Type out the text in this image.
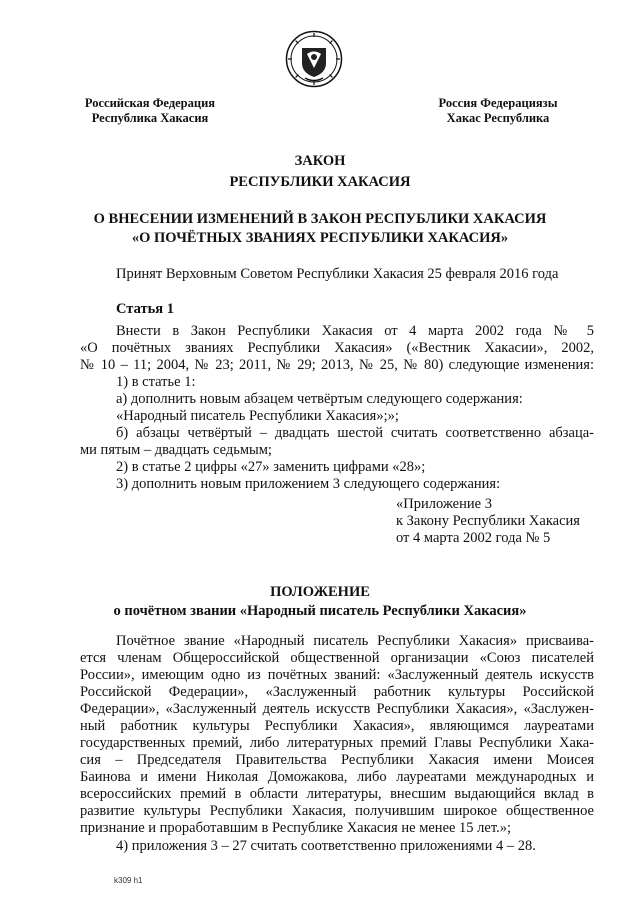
Российская Федерация
Республика Хакасия
Россия Федерациязы
Хакас Республика
ЗАКОН
РЕСПУБЛИКИ ХАКАСИЯ
О ВНЕСЕНИИ ИЗМЕНЕНИЙ В ЗАКОН РЕСПУБЛИКИ ХАКАСИЯ
«О ПОЧЁТНЫХ ЗВАНИЯХ РЕСПУБЛИКИ ХАКАСИЯ»
Принят Верховным Советом Республики Хакасия 25 февраля 2016 года
Статья 1
Внести в Закон Республики Хакасия от 4 марта 2002 года № 5
«О почётных званиях Республики Хакасия» («Вестник Хакасии», 2002,
№ 10 – 11; 2004, № 23; 2011, № 29; 2013, № 25, № 80) следующие изменения:
1) в статье 1:
а) дополнить новым абзацем четвёртым следующего содержания:
«Народный писатель Республики Хакасия»;»;
б) абзацы четвёртый – двадцать шестой считать соответственно абзаца-
ми пятым – двадцать седьмым;
2) в статье 2 цифры «27» заменить цифрами «28»;
3) дополнить новым приложением 3 следующего содержания:
«Приложение 3
к Закону Республики Хакасия
от 4 марта 2002 года № 5
ПОЛОЖЕНИЕ
о почётном звании «Народный писатель Республики Хакасия»
Почётное звание «Народный писатель Республики Хакасия» присваива-
ется членам Общероссийской общественной организации «Союз писателей
России», имеющим одно из почётных званий: «Заслуженный деятель искусств
Российской Федерации», «Заслуженный работник культуры Российской
Федерации», «Заслуженный деятель искусств Республики Хакасия», «Заслужен-
ный работник культуры Республики Хакасия», являющимся лауреатами
государственных премий, либо литературных премий Главы Республики Хака-
сия – Председателя Правительства Республики Хакасия имени Моисея
Баинова и имени Николая Доможакова, либо лауреатами международных и
всероссийских премий в области литературы, внесшим выдающийся вклад в
развитие культуры Республики Хакасия, получившим широкое общественное
признание и проработавшим в Республике Хакасия не менее 15 лет.»;
4) приложения 3 – 27 считать соответственно приложениями 4 – 28.
k309 h1
